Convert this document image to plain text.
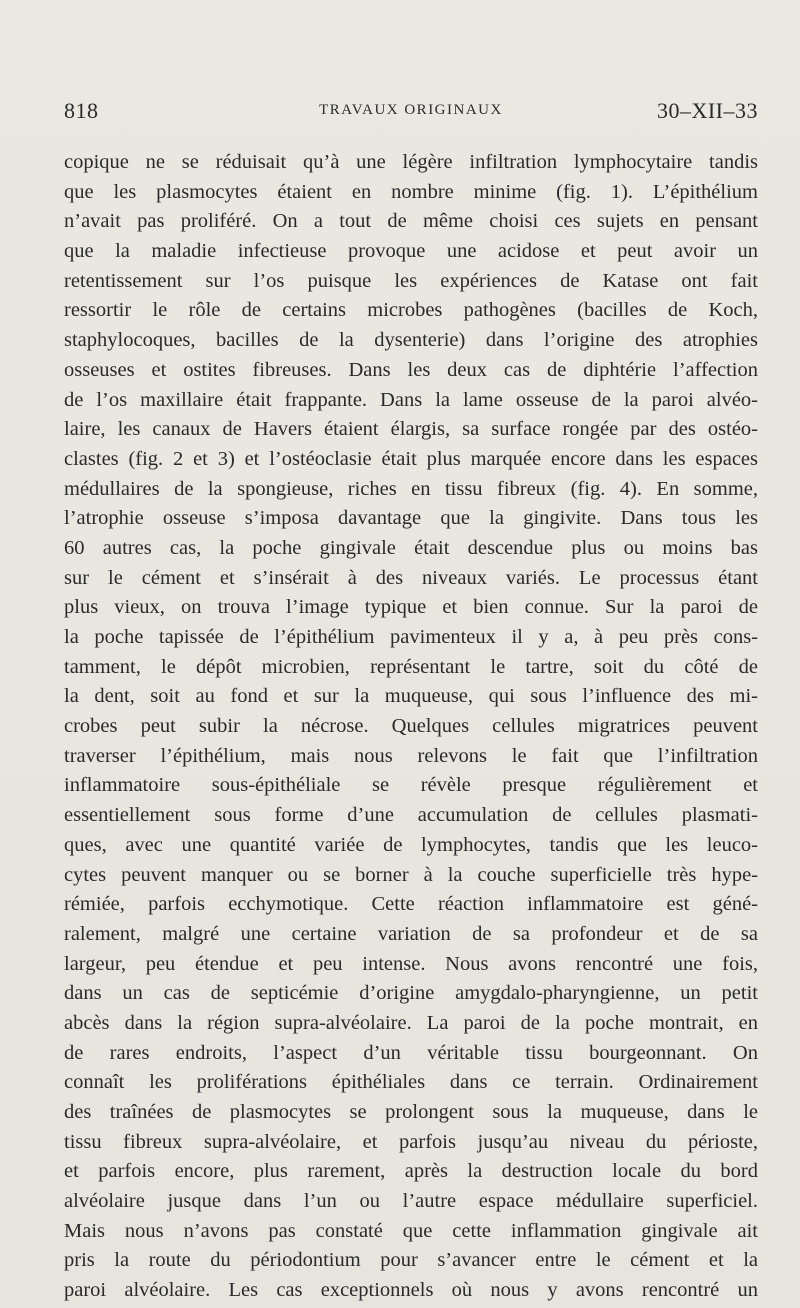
818	TRAVAUX ORIGINAUX	30–XII–33
copique ne se réduisait qu’à une légère infiltration lymphocytaire tandis
que les plasmocytes étaient en nombre minime (fig. 1). L’épithélium
n’avait pas proliféré. On a tout de même choisi ces sujets en pensant
que la maladie infectieuse provoque une acidose et peut avoir un
retentissement sur l’os puisque les expériences de Katase ont fait
ressortir le rôle de certains microbes pathogènes (bacilles de Koch,
staphylocoques, bacilles de la dysenterie) dans l’origine des atrophies
osseuses et ostites fibreuses. Dans les deux cas de diphtérie l’affection
de l’os maxillaire était frappante. Dans la lame osseuse de la paroi alvéo-
laire, les canaux de Havers étaient élargis, sa surface rongée par des ostéo-
clastes (fig. 2 et 3) et l’ostéoclasie était plus marquée encore dans les espaces
médullaires de la spongieuse, riches en tissu fibreux (fig. 4). En somme,
l’atrophie osseuse s’imposa davantage que la gingivite. Dans tous les
60 autres cas, la poche gingivale était descendue plus ou moins bas
sur le cément et s’insérait à des niveaux variés. Le processus étant
plus vieux, on trouva l’image typique et bien connue. Sur la paroi de
la poche tapissée de l’épithélium pavimenteux il y a, à peu près cons-
tamment, le dépôt microbien, représentant le tartre, soit du côté de
la dent, soit au fond et sur la muqueuse, qui sous l’influence des mi-
crobes peut subir la nécrose. Quelques cellules migratrices peuvent
traverser l’épithélium, mais nous relevons le fait que l’infiltration
inflammatoire sous-épithéliale se révèle presque régulièrement et
essentiellement sous forme d’une accumulation de cellules plasmati-
ques, avec une quantité variée de lymphocytes, tandis que les leuco-
cytes peuvent manquer ou se borner à la couche superficielle très hype-
rémiée, parfois ecchymotique. Cette réaction inflammatoire est géné-
ralement, malgré une certaine variation de sa profondeur et de sa
largeur, peu étendue et peu intense. Nous avons rencontré une fois,
dans un cas de septicémie d’origine amygdalo-pharyngienne, un petit
abcès dans la région supra-alvéolaire. La paroi de la poche montrait, en
de rares endroits, l’aspect d’un véritable tissu bourgeonnant. On
connaît les proliférations épithéliales dans ce terrain. Ordinairement
des traînées de plasmocytes se prolongent sous la muqueuse, dans le
tissu fibreux supra-alvéolaire, et parfois jusqu’au niveau du périoste,
et parfois encore, plus rarement, après la destruction locale du bord
alvéolaire jusque dans l’un ou l’autre espace médullaire superficiel.
Mais nous n’avons pas constaté que cette inflammation gingivale ait
pris la route du périodontium pour s’avancer entre le cément et la
paroi alvéolaire. Les cas exceptionnels où nous y avons rencontré un
